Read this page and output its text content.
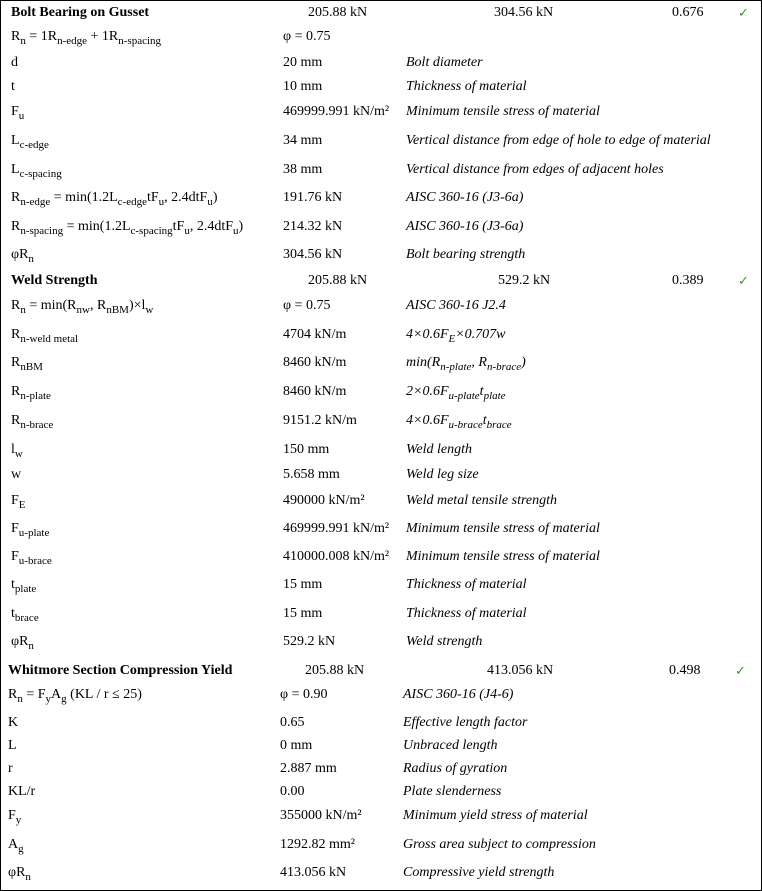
Bolt Bearing on Gusset	205.88 kN	304.56 kN	0.676	✓
$R_n = 1R_{n-edge} + 1R_{n-spacing}$	φ = 0.75
d	20 mm	Bolt diameter
t	10 mm	Thickness of material
$F_u$	469999.991 kN/m² Minimum tensile stress of material
$L_{c-edge}$	34 mm	Vertical distance from edge of hole to edge of material
$L_{c-spacing}$	38 mm	Vertical distance from edges of adjacent holes
$R_{n-edge} = \min(1.2L_{c-edge}tF_u$, 2.4dtF$_u$)	191.76 kN	AISC 360-16 (J3-6a)
$R_{n-spacing} = \min(1.2L_{c-spacing}tF_u$, 2.4dtF$_u$)	214.32 kN	AISC 360-16 (J3-6a)
$\varphi R_n$	304.56 kN	Bolt bearing strength
Weld Strength	205.88 kN	529.2 kN	0.389	✓
$R_n = \min(R_{nw}$, $R_{nBM})\times l_w$	φ = 0.75	AISC 360-16 J2.4
$R_{n-weld metal}$	4704 kN/m	$4\times 0.6F_E\times 0.707w$
$R_{nBM}$	8460 kN/m	$\min(R_{n-plate}$, $R_{n-brace}$)
$R_{n-plate}$	8460 kN/m	$2\times 0.6F_{u-plate}t_{plate}$
$R_{n-brace}$	9151.2 kN/m	$4\times 0.6F_{u-brace}t_{brace}$
$l_w$	150 mm	Weld length
w	5.658 mm	Weld leg size
$F_E$	490000 kN/m²	Weld metal tensile strength
$F_{u-plate}$	469999.991 kN/m² Minimum tensile stress of material
$F_{u-brace}$	410000.008 kN/m² Minimum tensile stress of material
$t_{plate}$	15 mm	Thickness of material
$t_{brace}$	15 mm	Thickness of material
$\varphi R_n$	529.2 kN	Weld strength
Whitmore Section Compression Yield	205.88 kN	413.056 kN	0.498	✓
$R_n = F_yA_g$ (KL / r ≤ 25)	φ = 0.90	AISC 360-16 (J4-6)
K	0.65	Effective length factor
L	0 mm	Unbraced length
r	2.887 mm	Radius of gyration
KL/r	0.00	Plate slenderness
$F_y$	355000 kN/m²	Minimum yield stress of material
$A_g$	1292.82 mm²	Gross area subject to compression
$\varphi R_n$	413.056 kN	Compressive yield strength
